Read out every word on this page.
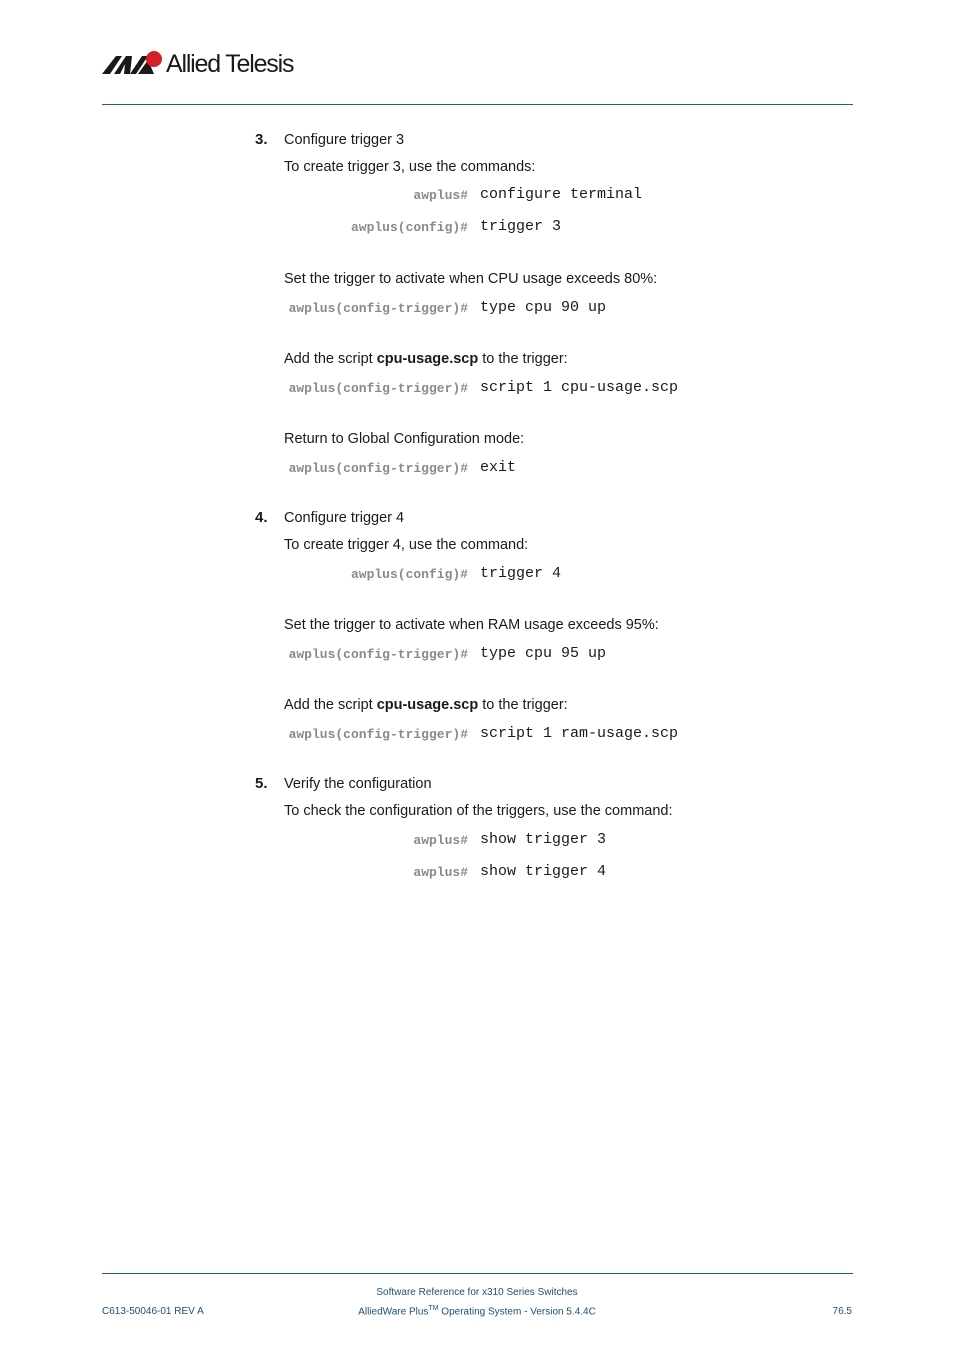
Allied Telesis
3. Configure trigger 3
To create trigger 3, use the commands:
awplus# configure terminal
awplus(config)# trigger 3
Set the trigger to activate when CPU usage exceeds 80%:
awplus(config-trigger)# type cpu 90 up
Add the script cpu-usage.scp to the trigger:
awplus(config-trigger)# script 1 cpu-usage.scp
Return to Global Configuration mode:
awplus(config-trigger)# exit
4. Configure trigger 4
To create trigger 4, use the command:
awplus(config)# trigger 4
Set the trigger to activate when RAM usage exceeds 95%:
awplus(config-trigger)# type cpu 95 up
Add the script cpu-usage.scp to the trigger:
awplus(config-trigger)# script 1 ram-usage.scp
5. Verify the configuration
To check the configuration of the triggers, use the command:
awplus# show trigger 3
awplus# show trigger 4
Software Reference for x310 Series Switches
AlliedWare Plus™ Operating System - Version 5.4.4C
C613-50046-01 REV A	76.5
